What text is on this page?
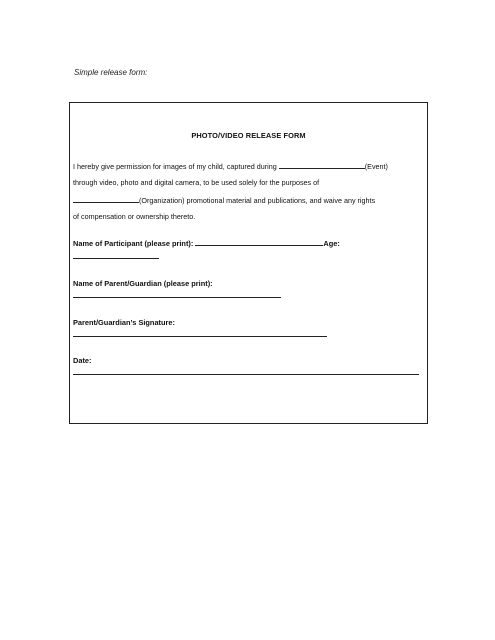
Simple release form:
PHOTO/VIDEO RELEASE FORM
I hereby give permission for images of my child, captured during	(Event)
through video, photo and digital camera, to be used solely for the purposes of
(Organization) promotional material and publications, and waive any rights
of compensation or ownership thereto.
Name of Participant (please print):	Age:
Name of Parent/Guardian (please print):
Parent/Guardian’s Signature:
Date:
